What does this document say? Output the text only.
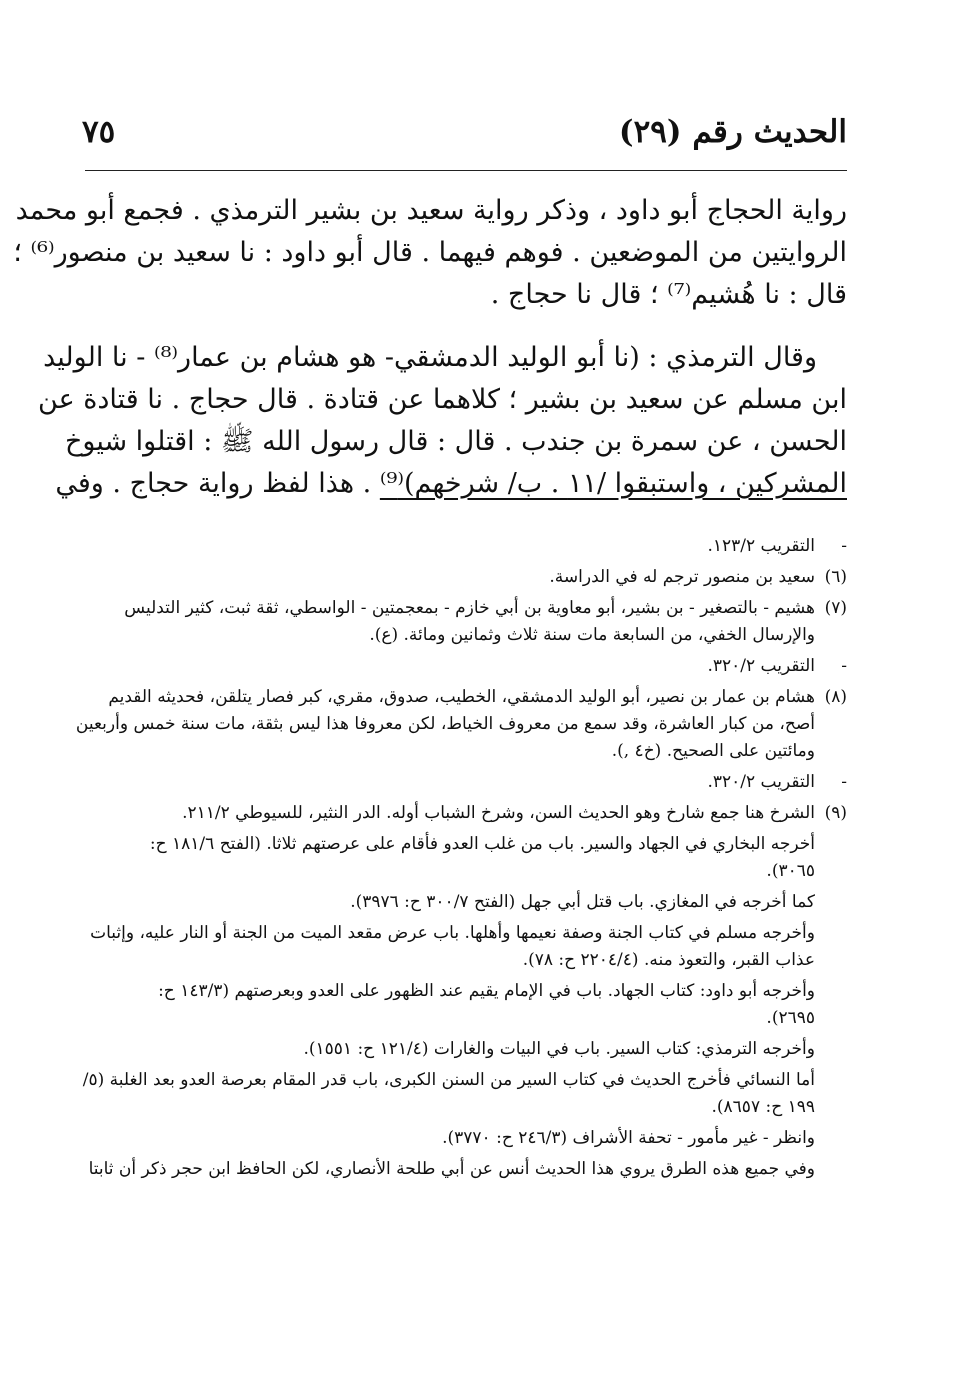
الحديث رقم (٢٩)
٧٥
رواية الحجاج أبو داود ، وذكر رواية سعيد بن بشير الترمذي . فجمع أبو محمد
الروايتين من الموضعين . فوهم فيهما . قال أبو داود : نا سعيد بن منصور⁽⁶⁾ ؛
قال : نا هُشيم⁽⁷⁾ ؛ قال نا حجاج .
وقال الترمذي : (نا أبو الوليد الدمشقي- هو هشام بن عمار⁽⁸⁾ - نا الوليد
ابن مسلم عن سعيد بن بشير ؛ كلاهما عن قتادة . قال حجاج . نا قتادة عن
الحسن ، عن سمرة بن جندب . قال : قال رسول الله ﷺ : اقتلوا شيوخ
المشركين ، واستبقوا /١١ . ب/ شرخهم)⁽⁹⁾ . هذا لفظ رواية حجاج . وفي
-
التقريب ١٢٣/٢.
(٦)
سعيد بن منصور ترجم له في الدراسة.
(٧)
هشيم - بالتصغير - بن بشير، أبو معاوية بن أبي خازم - بمعجمتين - الواسطي، ثقة ثبت، كثير التدليس
والإرسال الخفي، من السابعة مات سنة ثلاث وثمانين ومائة. (ع).
-
التقريب ٣٢٠/٢.
(٨)
هشام بن عمار بن نصير، أبو الوليد الدمشقي، الخطيب، صدوق، مقري، كبر فصار يتلقن، فحديثه القديم
أصح، من كبار العاشرة، وقد سمع من معروف الخياط، لكن معروفا هذا ليس بثقة، مات سنة خمس وأربعين
ومائتين على الصحيح. (خ٤ ,).
-
التقريب ٣٢٠/٢.
(٩)
الشرخ هنا جمع شارخ وهو الحديث السن، وشرخ الشباب أوله. الدر النثير، للسيوطي ٢١١/٢.
أخرجه البخاري في الجهاد والسير. باب من غلب العدو فأقام على عرصتهم ثلاثا. (الفتح ١٨١/٦ ح:
٣٠٦٥).
كما أخرجه في المغازي. باب قتل أبي جهل (الفتح ٣٠٠/٧ ح: ٣٩٧٦).
وأخرجه مسلم في كتاب الجنة وصفة نعيمها وأهلها. باب عرض مقعد الميت من الجنة أو النار عليه، وإثبات
عذاب القبر، والتعوذ منه. (٢٢٠٤/٤ ح: ٧٨).
وأخرجه أبو داود: كتاب الجهاد. باب في الإمام يقيم عند الظهور على العدو وبعرصتهم (١٤٣/٣ ح:
٢٦٩٥).
وأخرجه الترمذي: كتاب السير. باب في البيات والغارات (١٢١/٤ ح: ١٥٥١).
أما النسائي فأخرج الحديث في كتاب السير من السنن الكبرى، باب قدر المقام بعرصة العدو بعد الغلبة (٥/
١٩٩ ح: ٨٦٥٧).
وانظر - غير مأمور - تحفة الأشراف (٢٤٦/٣ ح: ٣٧٧٠).
وفي جميع هذه الطرق يروي هذا الحديث أنس عن أبي طلحة الأنصاري، لكن الحافظ ابن حجر ذكر أن ثابتا
